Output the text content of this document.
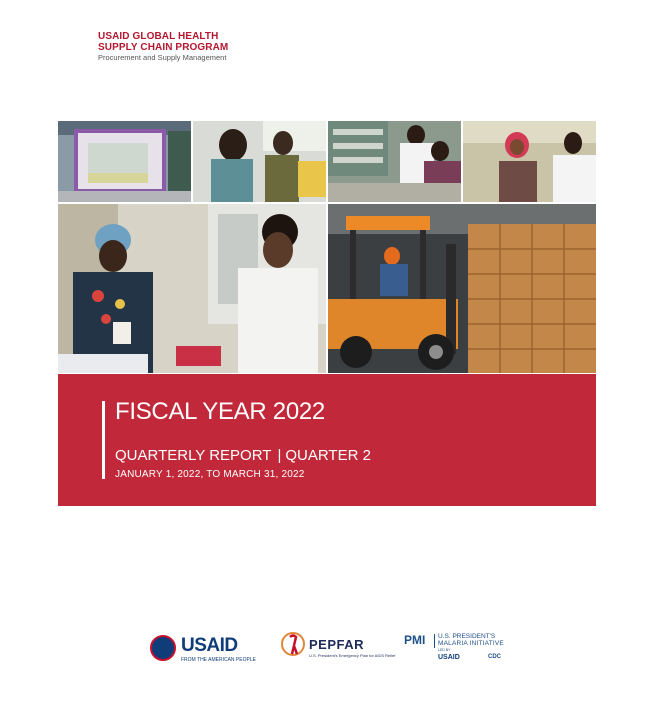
USAID GLOBAL HEALTH
SUPPLY CHAIN PROGRAM
Procurement and Supply Management
FISCAL YEAR 2022
QUARTERLY REPORT | QUARTER 2
JANUARY 1, 2022, TO MARCH 31, 2022
USAID
FROM THE AMERICAN PEOPLE
PEPFAR
U.S. President's Emergency Plan for AIDS Relief
PMI U.S. PRESIDENT'S
MALARIA INITIATIVE
LED BY
USAID	CDC
